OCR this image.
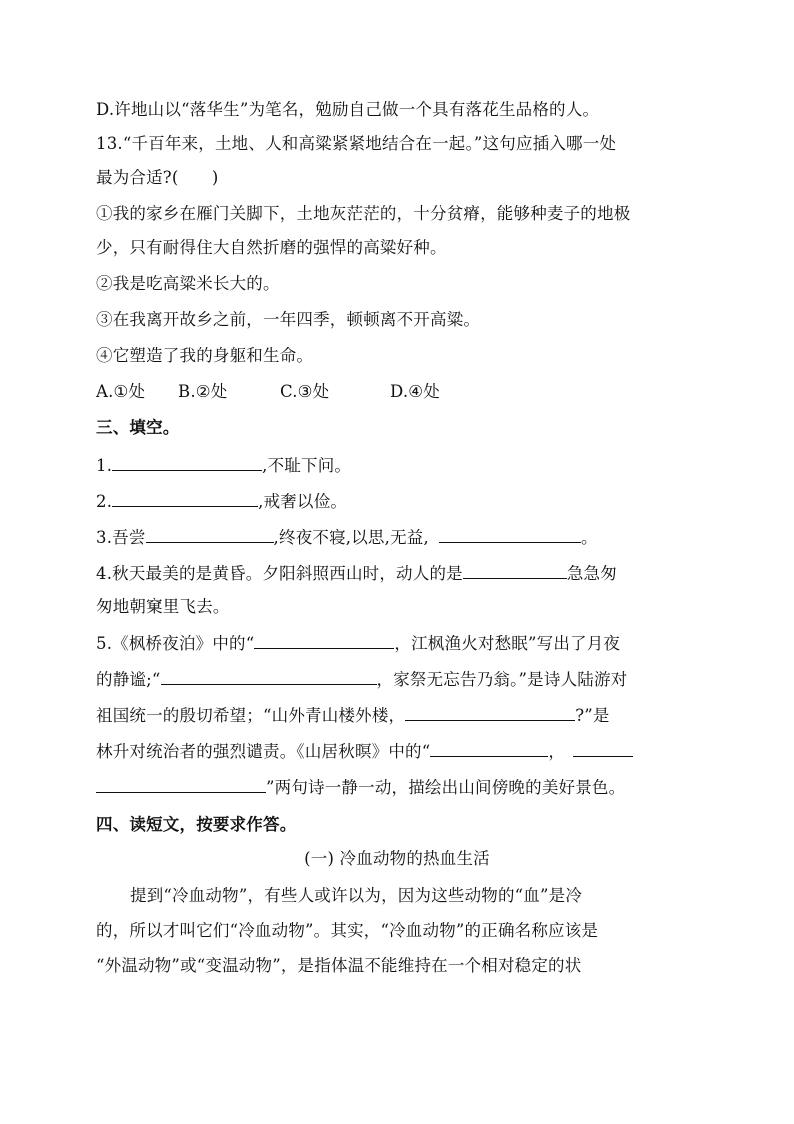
D.许地山以“落华生”为笔名，勉励自己做一个具有落花生品格的人。
13.“千百年来，土地、人和高粱紧紧地结合在一起。”这句应插入哪一处
最为合适?(　　)
①我的家乡在雁门关脚下，土地灰茫茫的，十分贫瘠，能够种麦子的地极
少，只有耐得住大自然折磨的强悍的高粱好种。
②我是吃高粱米长大的。
③在我离开故乡之前，一年四季，顿顿离不开高粱。
④它塑造了我的身躯和生命。
A.①处 B.②处	C.③处	D.④处
三、填空。
1.	,不耻下问。
2.	,戒奢以俭。
3.吾尝	,终夜不寝,以思,无益,	。
4.秋天最美的是黄昏。夕阳斜照西山时，动人的是	急急匆
匆地朝窠里飞去。
5.《枫桥夜泊》中的“	，江枫渔火对愁眠”写出了月夜
的静谧;“	，家祭无忘告乃翁。”是诗人陆游对
祖国统一的殷切希望；“山外青山楼外楼，	?”是
林升对统治者的强烈谴责。《山居秋暝》中的“	，
”两句诗一静一动，描绘出山间傍晚的美好景色。
四、读短文，按要求作答。
(一) 冷血动物的热血生活
提到“冷血动物”，有些人或许以为，因为这些动物的“血”是冷
的，所以才叫它们“冷血动物”。其实，“冷血动物”的正确名称应该是
“外温动物”或“变温动物”，是指体温不能维持在一个相对稳定的状
